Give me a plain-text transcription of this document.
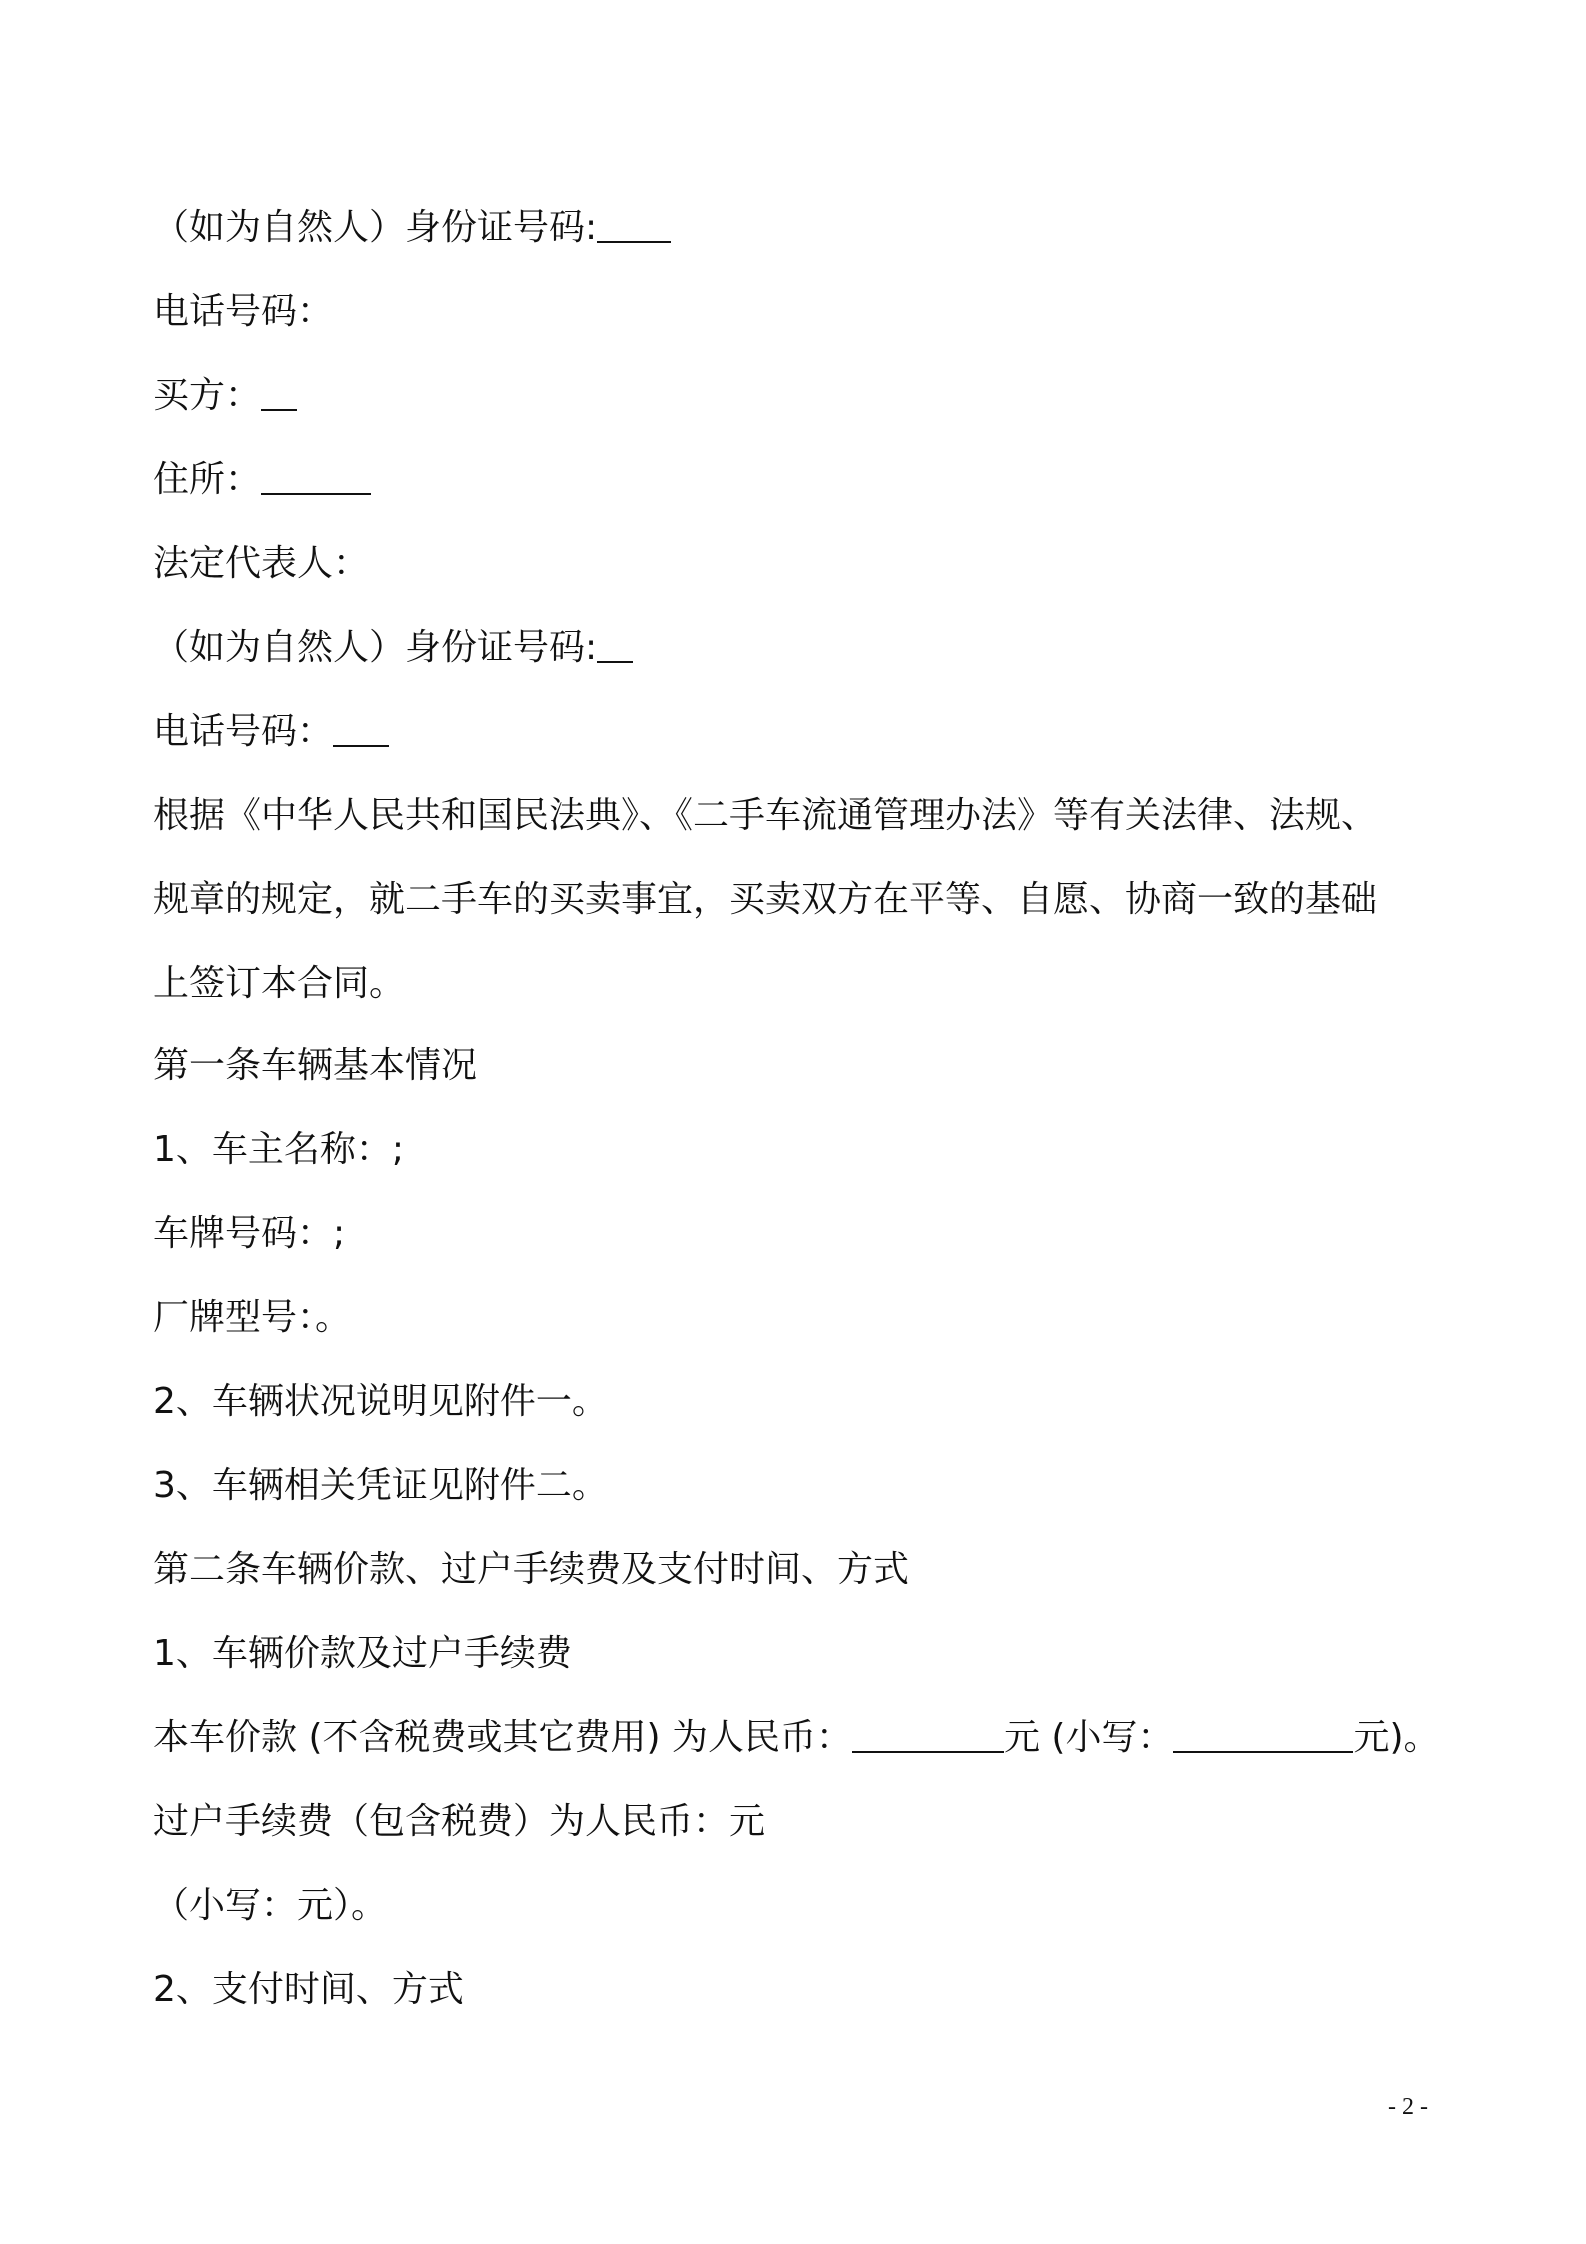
（如为自然人）身份证号码:
电话号码：
买方：
住所：
法定代表人：
（如为自然人）身份证号码:
电话号码：
根据《中华人民共和国民法典》、《二手车流通管理办法》等有关法律、法规、
规章的规定，就二手车的买卖事宜，买卖双方在平等、自愿、协商一致的基础
上签订本合同。
第一条车辆基本情况
1、车主名称：;
车牌号码：;
厂牌型号：。
2、车辆状况说明见附件一。
3、车辆相关凭证见附件二。
第二条车辆价款、过户手续费及支付时间、方式
1、车辆价款及过户手续费
本车价款 (不含税费或其它费用) 为人民币：	元 (小写：	元)。
过户手续费（包含税费）为人民币：元
（小写：元）。
2、支付时间、方式
- 2 -
